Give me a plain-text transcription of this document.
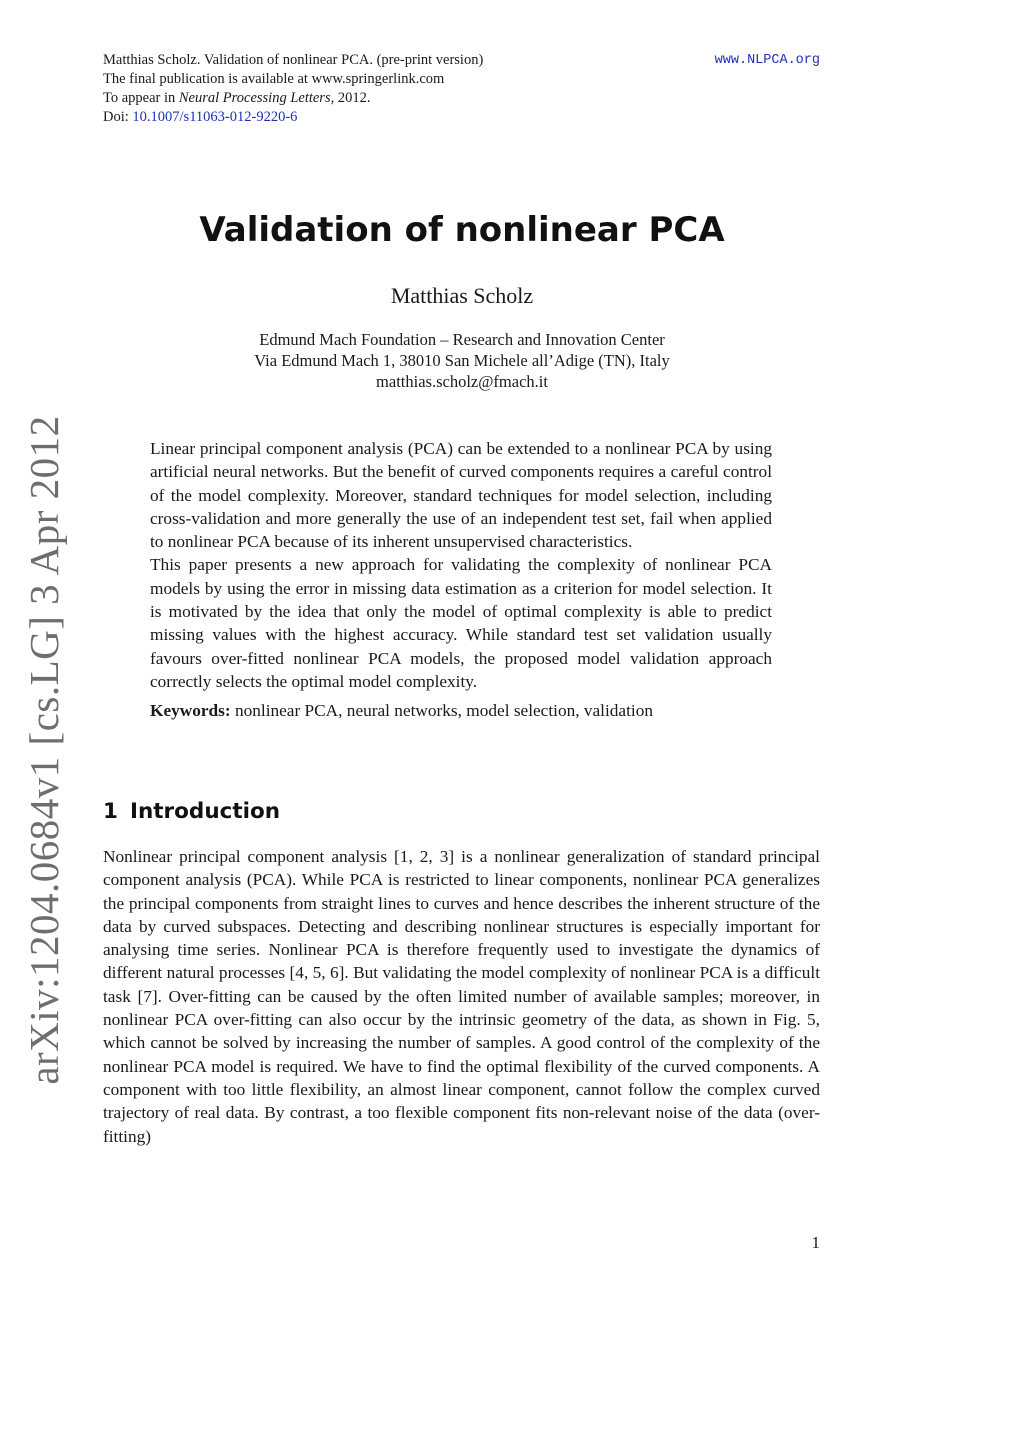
Matthias Scholz. Validation of nonlinear PCA. (pre-print version)
The final publication is available at www.springerlink.com
To appear in Neural Processing Letters, 2012.
Doi: 10.1007/s11063-012-9220-6
www.NLPCA.org
arXiv:1204.0684v1 [cs.LG] 3 Apr 2012
Validation of nonlinear PCA
Matthias Scholz
Edmund Mach Foundation – Research and Innovation Center
Via Edmund Mach 1, 38010 San Michele all’Adige (TN), Italy
matthias.scholz@fmach.it

Linear principal component analysis (PCA) can be extended to a nonlinear PCA by using artificial neural networks. But the benefit of curved components requires a careful control of the model complexity. Moreover, standard techniques for model selection, including cross-validation and more generally the use of an independent test set, fail when applied to nonlinear PCA because of its inherent unsupervised characteristics.

This paper presents a new approach for validating the complexity of nonlinear PCA models by using the error in missing data estimation as a criterion for model selection. It is motivated by the idea that only the model of optimal complexity is able to predict missing values with the highest accuracy. While standard test set validation usually favours over-fitted nonlinear PCA models, the proposed model validation approach correctly selects the optimal model complexity.

Keywords: nonlinear PCA, neural networks, model selection, validation

1 Introduction

Nonlinear principal component analysis [1, 2, 3] is a nonlinear generalization of standard principal component analysis (PCA). While PCA is restricted to linear components, nonlinear PCA generalizes the principal components from straight lines to curves and hence describes the inherent structure of the data by curved subspaces. Detecting and describing nonlinear structures is especially important for analysing time series. Nonlinear PCA is therefore frequently used to investigate the dynamics of different natural processes [4, 5, 6]. But validating the model complexity of nonlinear PCA is a difficult task [7]. Over-fitting can be caused by the often limited number of available samples; moreover, in nonlinear PCA over-fitting can also occur by the intrinsic geometry of the data, as shown in Fig. 5, which cannot be solved by increasing the number of samples. A good control of the complexity of the nonlinear PCA model is required. We have to find the optimal flexibility of the curved components. A component with too little flexibility, an almost linear component, cannot follow the complex curved trajectory of real data. By contrast, a too flexible component fits non-relevant noise of the data (over-fitting)

1
